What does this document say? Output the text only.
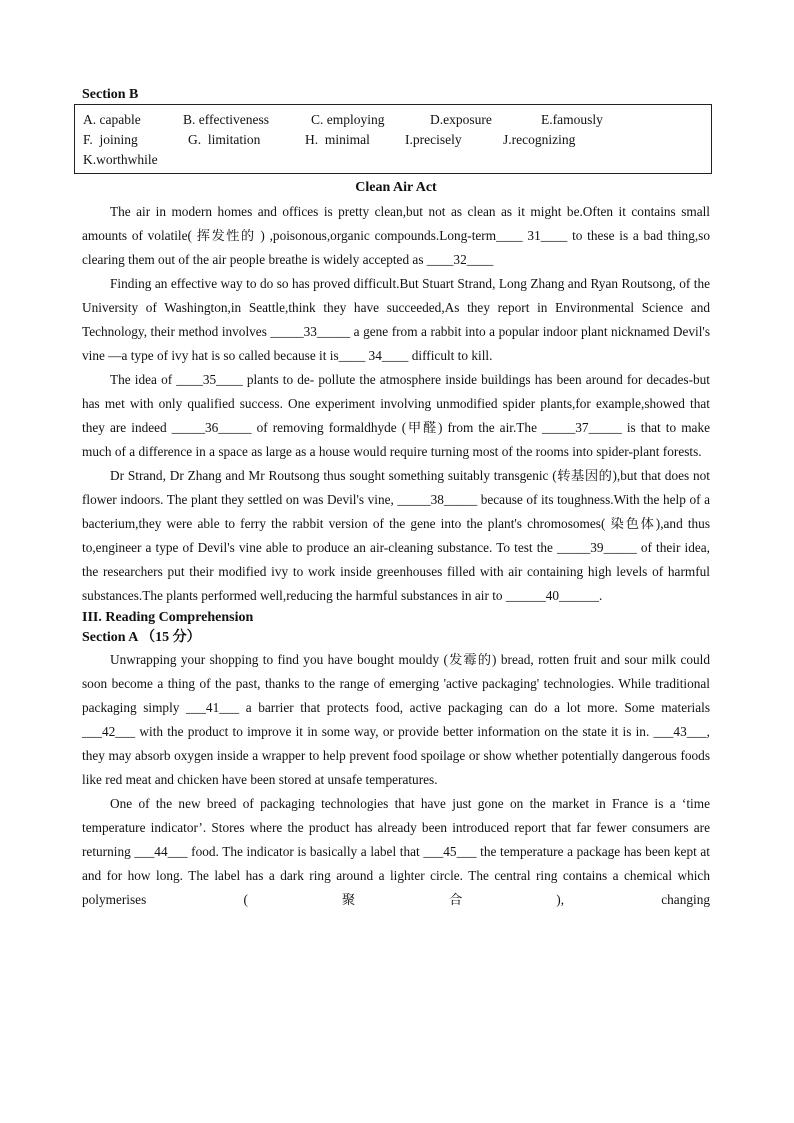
Section B

A. capable	B. effectiveness	C. employing	D.exposure	E.famously
F.  joining	G.  limitation	H.  minimal	I.precisely	J.recognizing
K.worthwhile
Clean Air Act

The air in modern homes and offices is pretty clean,but not as clean as it might be.Often it contains small amounts of volatile( 挥发性的 ) ,poisonous,organic compounds.Long-term____ 31____ to these is a bad thing,so clearing them out of the air people breathe is widely accepted as ____32____

Finding an effective way to do so has proved difficult.But Stuart Strand, Long Zhang and Ryan Routsong, of the University of Washington,in Seattle,think they have succeeded,As they report in Environmental Science and Technology, their method involves _____33_____ a gene from a rabbit into a popular indoor plant nicknamed Devil's vine —a type of ivy hat is so called because it is____ 34____ difficult to kill.

The idea of ____35____ plants to de- pollute the atmosphere inside buildings has been around for decades-but has met with only qualified success. One experiment involving unmodified spider plants,for example,showed that they are indeed _____36_____ of removing formaldhyde (甲醛) from the air.The _____37_____ is that to make much of a difference in a space as large as a house would require turning most of the rooms into spider-plant forests.

Dr Strand, Dr Zhang and Mr Routsong thus sought something suitably transgenic (转基因的),but that does not flower indoors. The plant they settled on was Devil's vine, _____38_____ because of its toughness.With the help of a bacterium,they were able to ferry the rabbit version of the gene into the plant's chromosomes( 染色体),and thus to,engineer a type of Devil's vine able to produce an air-cleaning substance. To test the _____39_____ of their idea, the researchers put their modified ivy to work inside greenhouses filled with air containing high levels of harmful substances.The plants performed well,reducing the harmful substances in air to ______40______.

III. Reading Comprehension

Section A （15 分）

Unwrapping your shopping to find you have bought mouldy (发霉的) bread, rotten fruit and sour milk could soon become a thing of the past, thanks to the range of emerging 'active packaging' technologies. While traditional packaging simply ___41___ a barrier that protects food, active packaging can do a lot more. Some materials ___42___ with the product to improve it in some way, or provide better information on the state it is in. ___43___, they may absorb oxygen inside a wrapper to help prevent food spoilage or show whether potentially dangerous foods like red meat and chicken have been stored at unsafe temperatures.

One of the new breed of packaging technologies that have just gone on the market in France is a ‘time temperature indicator’. Stores where the product has already been introduced report that far fewer consumers are returning ___44___ food. The indicator is basically a label that ___45___ the temperature a package has been kept at and for how long. The label has a dark ring around a lighter circle. The central ring contains a chemical which polymerises (聚合), changing
